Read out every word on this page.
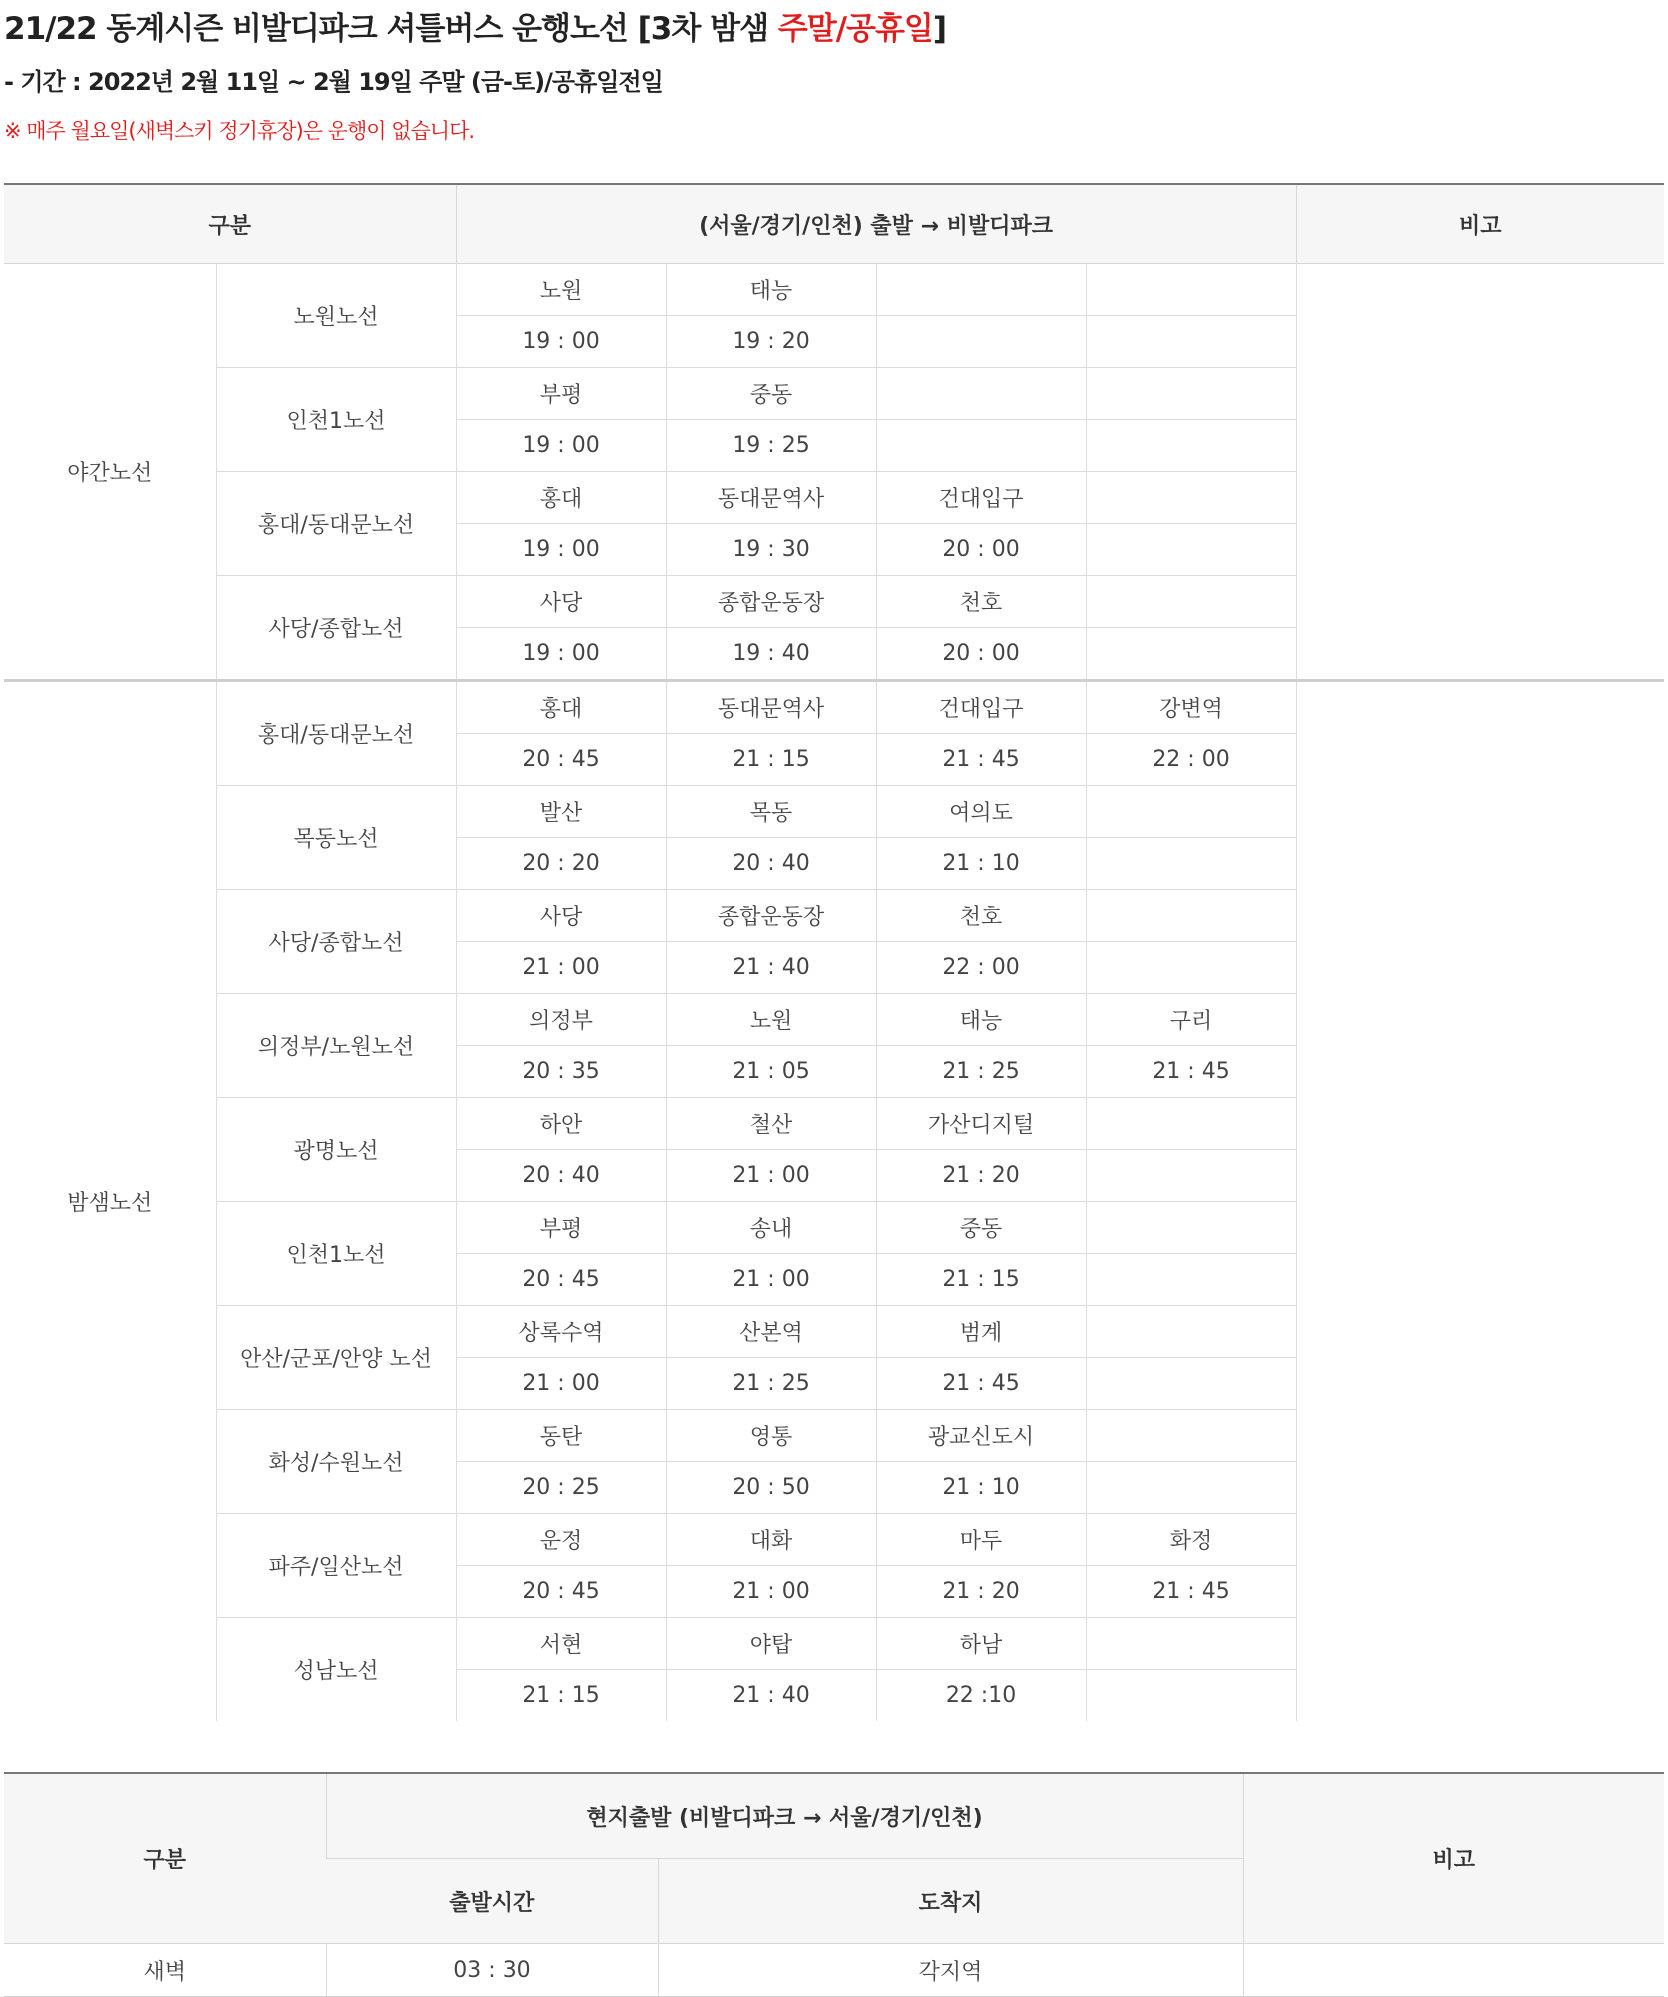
21/22 동계시즌 비발디파크 셔틀버스 운행노선 [3차 밤샘 주말/공휴일]

- 기간 : 2022년 2월 11일 ~ 2월 19일 주말 (금-토)/공휴일전일

※ 매주 월요일(새벽스키 정기휴장)은 운행이 없습니다.

구분		(서울/경기/인천) 출발 → 비발디파크				비고
야간노선	노원노선	노원	태능			
		19 : 00	19 : 20			
	인천1노선	부평	중동			
		19 : 00	19 : 25			
	홍대/동대문노선	홍대	동대문역사	건대입구		
		19 : 00	19 : 30	20 : 00		
	사당/종합노선	사당	종합운동장	천호		
		19 : 00	19 : 40	20 : 00		
밤샘노선	홍대/동대문노선	홍대	동대문역사	건대입구	강변역	
		20 : 45	21 : 15	21 : 45	22 : 00	
	목동노선	발산	목동	여의도		
		20 : 20	20 : 40	21 : 10		
	사당/종합노선	사당	종합운동장	천호		
		21 : 00	21 : 40	22 : 00		
	의정부/노원노선	의정부	노원	태능	구리	
		20 : 35	21 : 05	21 : 25	21 : 45	
	광명노선	하안	철산	가산디지털		
		20 : 40	21 : 00	21 : 20		
	인천1노선	부평	송내	중동		
		20 : 45	21 : 00	21 : 15		
	안산/군포/안양 노선	상록수역	산본역	범계		
		21 : 00	21 : 25	21 : 45		
	화성/수원노선	동탄	영통	광교신도시		
		20 : 25	20 : 50	21 : 10		
	파주/일산노선	운정	대화	마두	화정	
		20 : 45	21 : 00	21 : 20	21 : 45	
	성남노선	서현	야탑	하남		
		21 : 15	21 : 40	22 :10		
구분	현지출발 (비발디파크 → 서울/경기/인천)		비고
	출발시간	도착지	
새벽	03 : 30	각지역	
